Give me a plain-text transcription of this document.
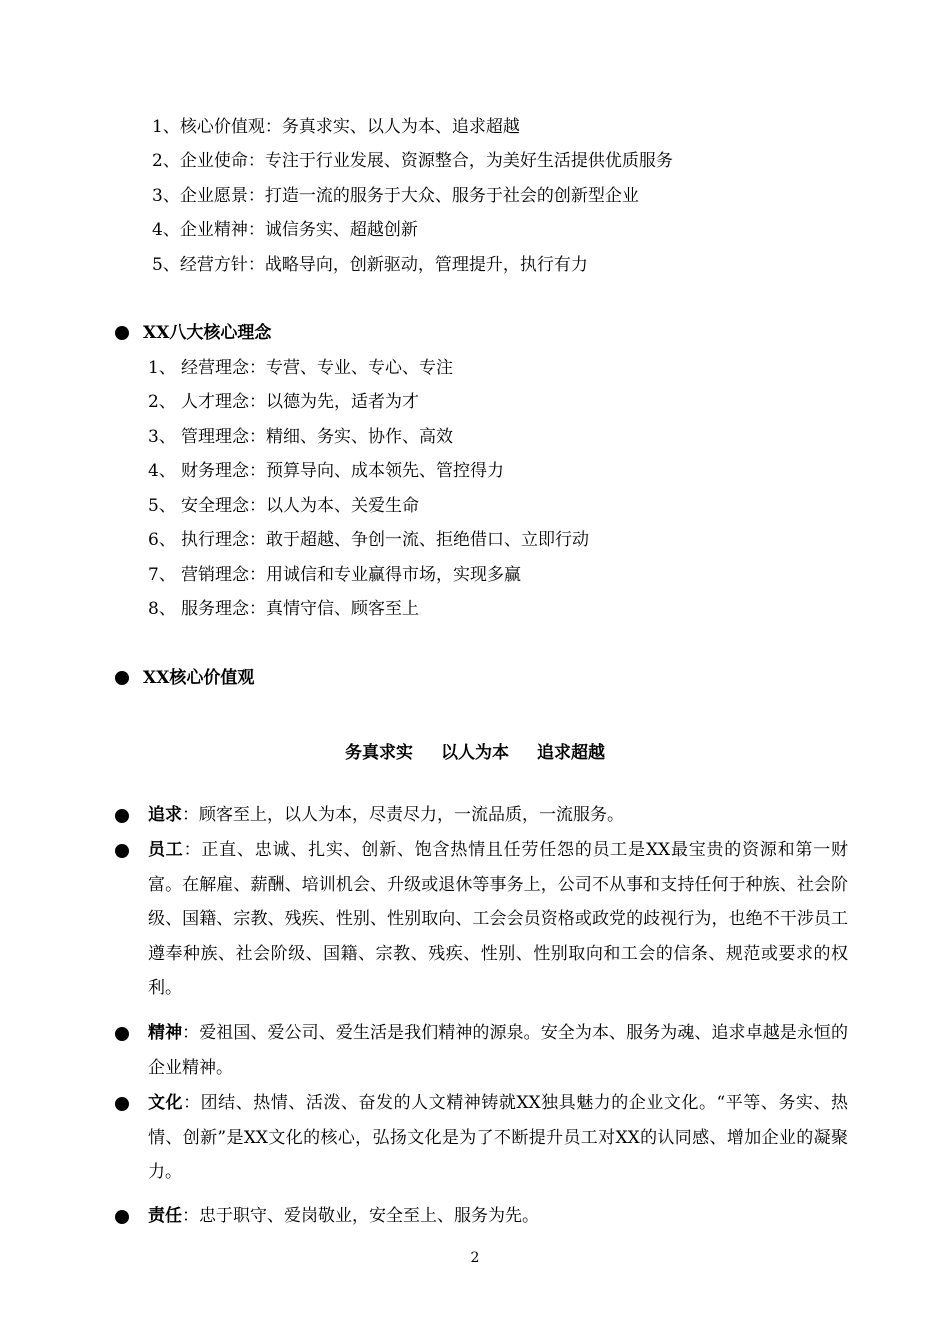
1、核心价值观：务真求实、以人为本、追求超越
2、企业使命：专注于行业发展、资源整合，为美好生活提供优质服务
3、企业愿景：打造一流的服务于大众、服务于社会的创新型企业
4、企业精神：诚信务实、超越创新
5、经营方针：战略导向，创新驱动，管理提升，执行有力
XX八大核心理念
1、 经营理念：专营、专业、专心、专注
2、 人才理念：以德为先，适者为才
3、 管理理念：精细、务实、协作、高效
4、 财务理念：预算导向、成本领先、管控得力
5、 安全理念：以人为本、关爱生命
6、 执行理念：敢于超越、争创一流、拒绝借口、立即行动
7、 营销理念：用诚信和专业赢得市场，实现多赢
8、 服务理念：真情守信、顾客至上
XX核心价值观
务真求实 以人为本 追求超越
追求：顾客至上，以人为本，尽责尽力，一流品质，一流服务。
员工：正直、忠诚、扎实、创新、饱含热情且任劳任怨的员工是XX最宝贵的资源和第一财富。在解雇、薪酬、培训机会、升级或退休等事务上，公司不从事和支持任何于种族、社会阶级、国籍、宗教、残疾、性别、性别取向、工会会员资格或政党的歧视行为，也绝不干涉员工遵奉种族、社会阶级、国籍、宗教、残疾、性别、性别取向和工会的信条、规范或要求的权利。
精神：爱祖国、爱公司、爱生活是我们精神的源泉。安全为本、服务为魂、追求卓越是永恒的企业精神。
文化：团结、热情、活泼、奋发的人文精神铸就XX独具魅力的企业文化。“平等、务实、热情、创新”是XX文化的核心，弘扬文化是为了不断提升员工对XX的认同感、增加企业的凝聚力。
责任：忠于职守、爱岗敬业，安全至上、服务为先。
2
